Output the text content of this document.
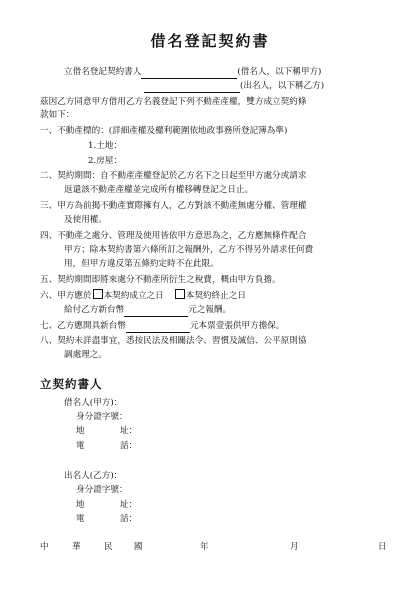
借名登記契約書
立借名登記契約書人	(借名人，以下稱甲方)
(出名人，以下稱乙方)
茲因乙方同意甲方借用乙方名義登記下列不動產產權，雙方成立契約條
款如下：
一、不動產標的：(詳細產權及權利範圍依地政事務所登記簿為準)
1.土地：
2.房屋：
二、契約期間：自不動產產權登記於乙方名下之日起至甲方處分或請求
返還該不動產產權並完成所有權移轉登記之日止。
三、甲方為前揭不動產實際擁有人，乙方對該不動產無處分權、管理權
及使用權。
四、不動產之處分、管理及使用皆依甲方意思為之，乙方應無條件配合
甲方；除本契約書第六條所訂之報酬外，乙方不得另外請求任何費
用，但甲方違反第五條約定時不在此限。
五、契約期間即將來處分不動產所衍生之稅費，概由甲方負擔。
六、甲方應於 本契約成立之日	本契約終止之日
給付乙方新台幣	元之報酬。
七、乙方應開具新台幣	元本票壹張供甲方擔保。
八、契約未詳盡事宜，悉按民法及相關法令、習慣及誠信、公平原則協
調處理之。
立契約書人
借名人(甲方)：
身分證字號：
地	址：
電	話：
出名人(乙方)：
身分證字號：
地	址：
電	話：
中	華	民 國	年	月	日
